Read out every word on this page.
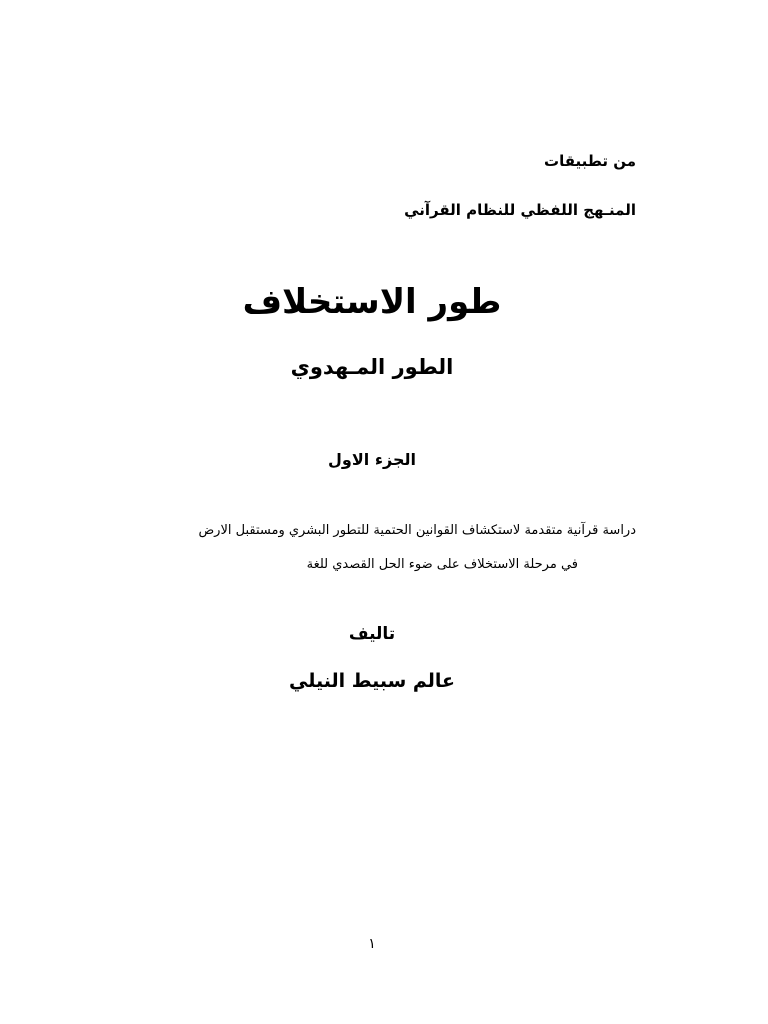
من تطبيقات

المنـهج اللفظي للنظام القرآني

طور الاستخلاف
الطور المـهدوي
الجزء الاول

دراسة قرآنية متقدمة لاستكشاف القوانين الحتمية للتطور البشري ومستقبل الارض

في مرحلة الاستخلاف على ضوء الحل القصدي للغة

تاليف

عالم سبيط النيلي

١
